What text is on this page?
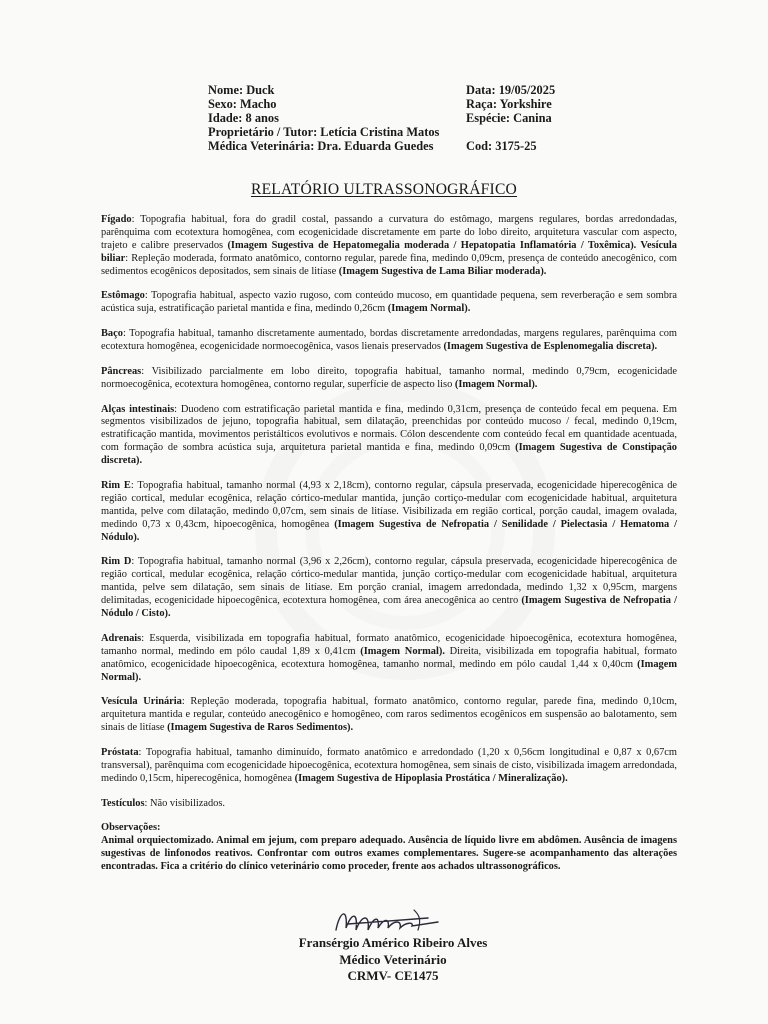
Nome: Duck	Data: 19/05/2025
Sexo: Macho	Raça: Yorkshire
Idade: 8 anos	Espécie: Canina
Proprietário / Tutor: Letícia Cristina Matos
Médica Veterinária: Dra. Eduarda Guedes	Cod: 3175-25
RELATÓRIO ULTRASSONOGRÁFICO

Fígado: Topografia habitual, fora do gradil costal, passando a curvatura do estômago, margens regulares, bordas arredondadas, parênquima com ecotextura homogênea, com ecogenicidade discretamente em parte do lobo direito, arquitetura vascular com aspecto, trajeto e calibre preservados (Imagem Sugestiva de Hepatomegalia moderada / Hepatopatia Inflamatória / Toxêmica). Vesícula biliar: Repleção moderada, formato anatômico, contorno regular, parede fina, medindo 0,09cm, presença de conteúdo anecogênico, com sedimentos ecogênicos depositados, sem sinais de litíase (Imagem Sugestiva de Lama Biliar moderada).

Estômago: Topografia habitual, aspecto vazio rugoso, com conteúdo mucoso, em quantidade pequena, sem reverberação e sem sombra acústica suja, estratificação parietal mantida e fina, medindo 0,26cm (Imagem Normal).

Baço: Topografia habitual, tamanho discretamente aumentado, bordas discretamente arredondadas, margens regulares, parênquima com ecotextura homogênea, ecogenicidade normoecogênica, vasos lienais preservados (Imagem Sugestiva de Esplenomegalia discreta).

Pâncreas: Visibilizado parcialmente em lobo direito, topografia habitual, tamanho normal, medindo 0,79cm, ecogenicidade normoecogênica, ecotextura homogênea, contorno regular, superfície de aspecto liso (Imagem Normal).

Alças intestinais: Duodeno com estratificação parietal mantida e fina, medindo 0,31cm, presença de conteúdo fecal em pequena. Em segmentos visibilizados de jejuno, topografia habitual, sem dilatação, preenchidas por conteúdo mucoso / fecal, medindo 0,19cm, estratificação mantida, movimentos peristálticos evolutivos e normais. Cólon descendente com conteúdo fecal em quantidade acentuada, com formação de sombra acústica suja, arquitetura parietal mantida e fina, medindo 0,09cm (Imagem Sugestiva de Constipação discreta).

Rim E: Topografia habitual, tamanho normal (4,93 x 2,18cm), contorno regular, cápsula preservada, ecogenicidade hiperecogênica de região cortical, medular ecogênica, relação córtico-medular mantida, junção cortiço-medular com ecogenicidade habitual, arquitetura mantida, pelve com dilatação, medindo 0,07cm, sem sinais de litíase. Visibilizada em região cortical, porção caudal, imagem ovalada, medindo 0,73 x 0,43cm, hipoecogênica, homogênea (Imagem Sugestiva de Nefropatia / Senilidade / Pielectasia / Hematoma / Nódulo).

Rim D: Topografia habitual, tamanho normal (3,96 x 2,26cm), contorno regular, cápsula preservada, ecogenicidade hiperecogênica de região cortical, medular ecogênica, relação córtico-medular mantida, junção cortiço-medular com ecogenicidade habitual, arquitetura mantida, pelve sem dilatação, sem sinais de litíase. Em porção cranial, imagem arredondada, medindo 1,32 x 0,95cm, margens delimitadas, ecogenicidade hipoecogênica, ecotextura homogênea, com área anecogênica ao centro (Imagem Sugestiva de Nefropatia / Nódulo / Cisto).

Adrenais: Esquerda, visibilizada em topografia habitual, formato anatômico, ecogenicidade hipoecogênica, ecotextura homogênea, tamanho normal, medindo em pólo caudal 1,89 x 0,41cm (Imagem Normal). Direita, visibilizada em topografia habitual, formato anatômico, ecogenicidade hipoecogênica, ecotextura homogênea, tamanho normal, medindo em pólo caudal 1,44 x 0,40cm (Imagem Normal).

Vesícula Urinária: Repleção moderada, topografia habitual, formato anatômico, contorno regular, parede fina, medindo 0,10cm, arquitetura mantida e regular, conteúdo anecogênico e homogêneo, com raros sedimentos ecogênicos em suspensão ao balotamento, sem sinais de litíase (Imagem Sugestiva de Raros Sedimentos).

Próstata: Topografia habitual, tamanho diminuído, formato anatômico e arredondado (1,20 x 0,56cm longitudinal e 0,87 x 0,67cm transversal), parênquima com ecogenicidade hipoecogênica, ecotextura homogênea, sem sinais de cisto, visibilizada imagem arredondada, medindo 0,15cm, hiperecogênica, homogênea (Imagem Sugestiva de Hipoplasia Prostática / Mineralização).

Testículos: Não visibilizados.

Observações:
Animal orquiectomizado. Animal em jejum, com preparo adequado. Ausência de líquido livre em abdômen. Ausência de imagens sugestivas de linfonodos reativos. Confrontar com outros exames complementares. Sugere-se acompanhamento das alterações encontradas. Fica a critério do clínico veterinário como proceder, frente aos achados ultrassonográficos.
Fransérgio Américo Ribeiro Alves
Médico Veterinário
CRMV- CE1475
